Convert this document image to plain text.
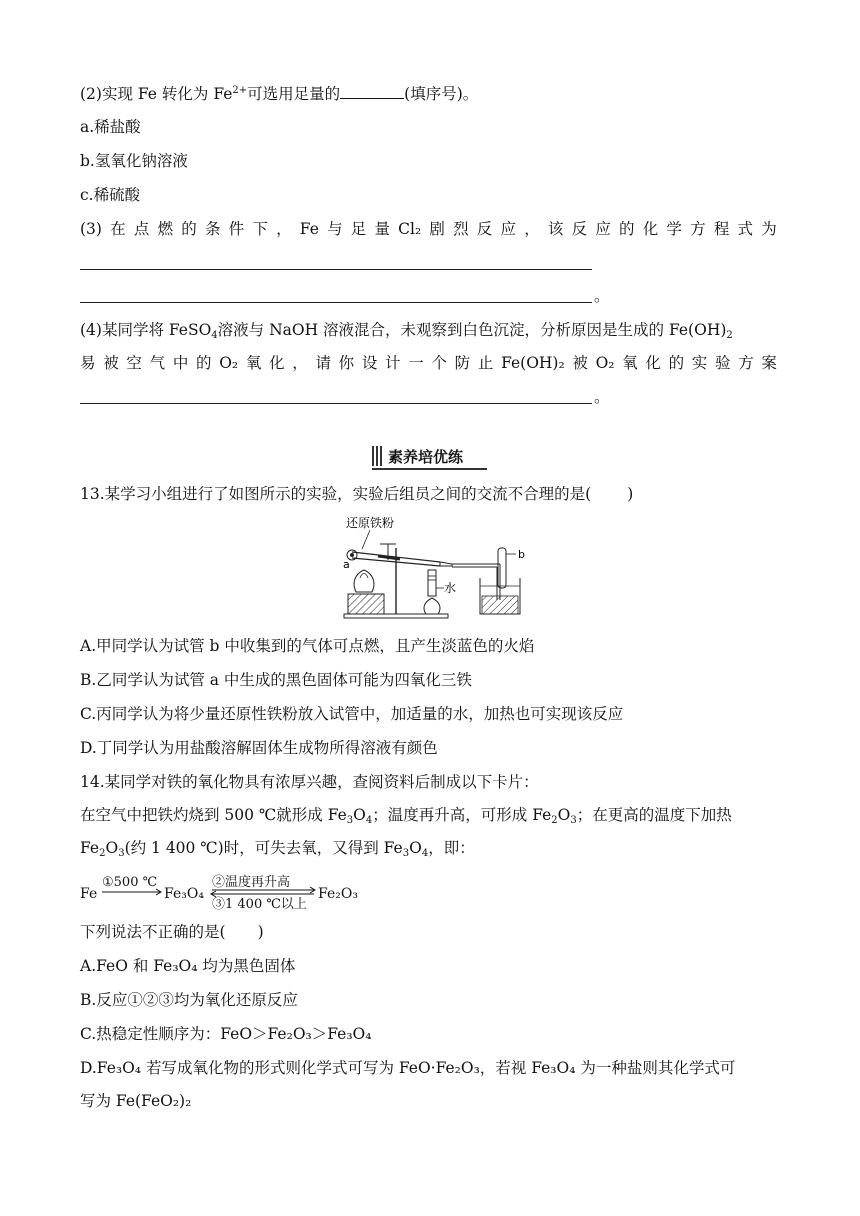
(2)实现 Fe 转化为 $Fe^{2+}$可选用足量的	(填序号)。
a.稀盐酸
b.氢氧化钠溶液
c.稀硫酸
(3) 在 点 燃 的 条 件 下 ， Fe 与 足 量 Cl₂ 剧 烈 反 应 ， 该 反 应 的 化 学 方 程 式 为
。
(4)某同学将 FeSO$_4$溶液与 NaOH 溶液混合，未观察到白色沉淀，分析原因是生成的 $Fe(OH)_2$
易 被 空 气 中 的 O₂ 氧 化 ， 请 你 设 计 一 个 防 止 Fe(OH)₂ 被 O₂ 氧 化 的 实 验 方 案
。
素养培优练
13.某学习小组进行了如图所示的实验，实验后组员之间的交流不合理的是( )
还原铁粉
a
水
b
A.甲同学认为试管 b 中收集到的气体可点燃，且产生淡蓝色的火焰
B.乙同学认为试管 a 中生成的黑色固体可能为四氧化三铁
C.丙同学认为将少量还原性铁粉放入试管中，加适量的水，加热也可实现该反应
D.丁同学认为用盐酸溶解固体生成物所得溶液有颜色
14.某同学对铁的氧化物具有浓厚兴趣，查阅资料后制成以下卡片：
在空气中把铁灼烧到 500 ℃就形成 $Fe_3O_4$；温度再升高，可形成 $Fe_2O_3$；在更高的温度下加热
$Fe_2O_3$(约 1 400 ℃)时，可失去氧，又得到 $Fe_3O_4$，即：
Fe
①500 ℃
Fe₃O₄
②温度再升高
③1 400 ℃以上
Fe₂O₃
下列说法不正确的是( )
A.FeO 和 Fe₃O₄ 均为黑色固体
B.反应①②③均为氧化还原反应
C.热稳定性顺序为：FeO＞Fe₂O₃＞Fe₃O₄
D.Fe₃O₄ 若写成氧化物的形式则化学式可写为 FeO·Fe₂O₃，若视 Fe₃O₄ 为一种盐则其化学式可
写为 Fe(FeO₂)₂
